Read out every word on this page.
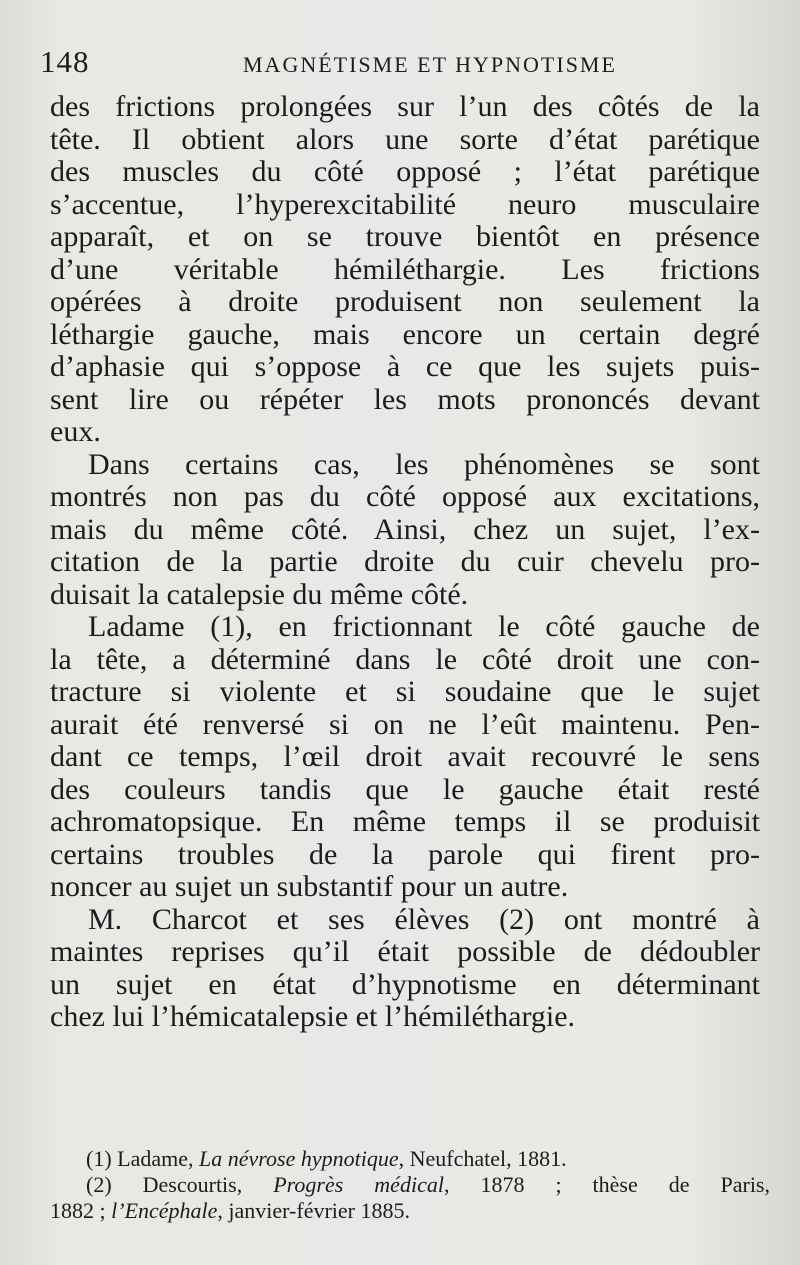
148	MAGNÉTISME ET HYPNOTISME
des frictions prolongées sur l’un des côtés de la
tête. Il obtient alors une sorte d’état parétique
des muscles du côté opposé ; l’état parétique
s’accentue, l’hyperexcitabilité neuro musculaire
apparaît, et on se trouve bientôt en présence
d’une véritable hémiléthargie. Les frictions
opérées à droite produisent non seulement la
léthargie gauche, mais encore un certain degré
d’aphasie qui s’oppose à ce que les sujets puis-
sent lire ou répéter les mots prononcés devant
eux.
Dans certains cas, les phénomènes se sont
montrés non pas du côté opposé aux excitations,
mais du même côté. Ainsi, chez un sujet, l’ex-
citation de la partie droite du cuir chevelu pro-
duisait la catalepsie du même côté.
Ladame (1), en frictionnant le côté gauche de
la tête, a déterminé dans le côté droit une con-
tracture si violente et si soudaine que le sujet
aurait été renversé si on ne l’eût maintenu. Pen-
dant ce temps, l’œil droit avait recouvré le sens
des couleurs tandis que le gauche était resté
achromatopsique. En même temps il se produisit
certains troubles de la parole qui firent pro-
noncer au sujet un substantif pour un autre.
M. Charcot et ses élèves (2) ont montré à
maintes reprises qu’il était possible de dédoubler
un sujet en état d’hypnotisme en déterminant
chez lui l’hémicatalepsie et l’hémiléthargie.
(1) Ladame, La névrose hypnotique, Neufchatel, 1881.
(2) Descourtis, Progrès médical, 1878 ; thèse de Paris,
1882 ; l’Encéphale, janvier-février 1885.
